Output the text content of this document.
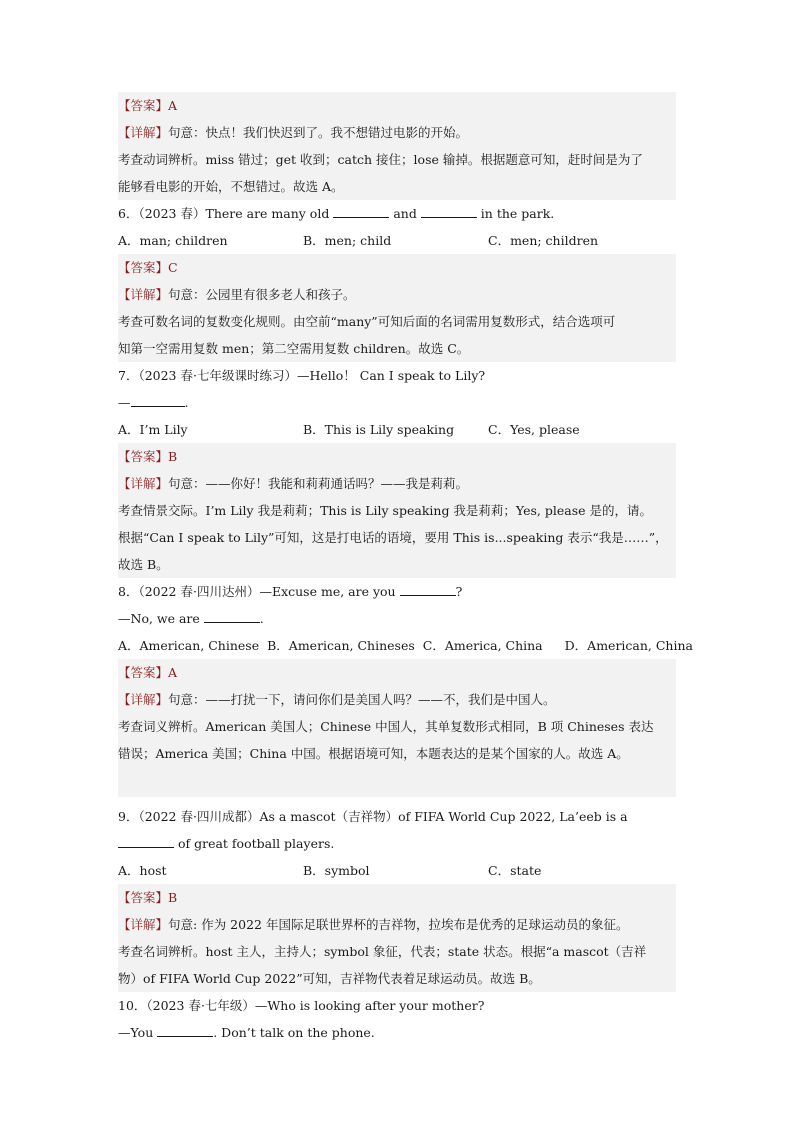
【答案】A
【详解】句意：快点！我们快迟到了。我不想错过电影的开始。
考查动词辨析。miss 错过；get 收到；catch 接住；lose 输掉。根据题意可知，赶时间是为了
能够看电影的开始，不想错过。故选 A。
6．（2023 春）There are many old	and	in the park.
A．man; children	B．men; child	C．men; children
【答案】C
【详解】句意：公园里有很多老人和孩子。
考查可数名词的复数变化规则。由空前“many”可知后面的名词需用复数形式，结合选项可
知第一空需用复数 men；第二空需用复数 children。故选 C。
7．（2023 春·七年级课时练习）—Hello！ Can I speak to Lily?
—	.
A．I’m Lily	B．This is Lily speaking	C．Yes, please
【答案】B
【详解】句意：——你好！我能和莉莉通话吗？——我是莉莉。
考查情景交际。I’m Lily 我是莉莉；This is Lily speaking 我是莉莉；Yes, please 是的，请。
根据“Can I speak to Lily”可知，这是打电话的语境，要用 This is...speaking 表示“我是……”，
故选 B。
8．（2022 春·四川达州）—Excuse me, are you	?
—No, we are	.
A．American, Chinese B．American, Chineses C．America, China D．American, China
【答案】A
【详解】句意：——打扰一下，请问你们是美国人吗？——不，我们是中国人。
考查词义辨析。American 美国人；Chinese 中国人，其单复数形式相同，B 项 Chineses 表达
错误；America 美国；China 中国。根据语境可知，本题表达的是某个国家的人。故选 A。
9．（2022 春·四川成都）As a mascot（吉祥物）of FIFA World Cup 2022, La’eeb is a
of great football players.
A．host	B．symbol	C．state
【答案】B
【详解】句意: 作为 2022 年国际足联世界杯的吉祥物，拉埃布是优秀的足球运动员的象征。
考查名词辨析。host 主人，主持人；symbol 象征，代表；state 状态。根据“a mascot（吉祥
物）of FIFA World Cup 2022”可知，吉祥物代表着足球运动员。故选 B。
10．（2023 春·七年级）—Who is looking after your mother?
—You	. Don’t talk on the phone.
